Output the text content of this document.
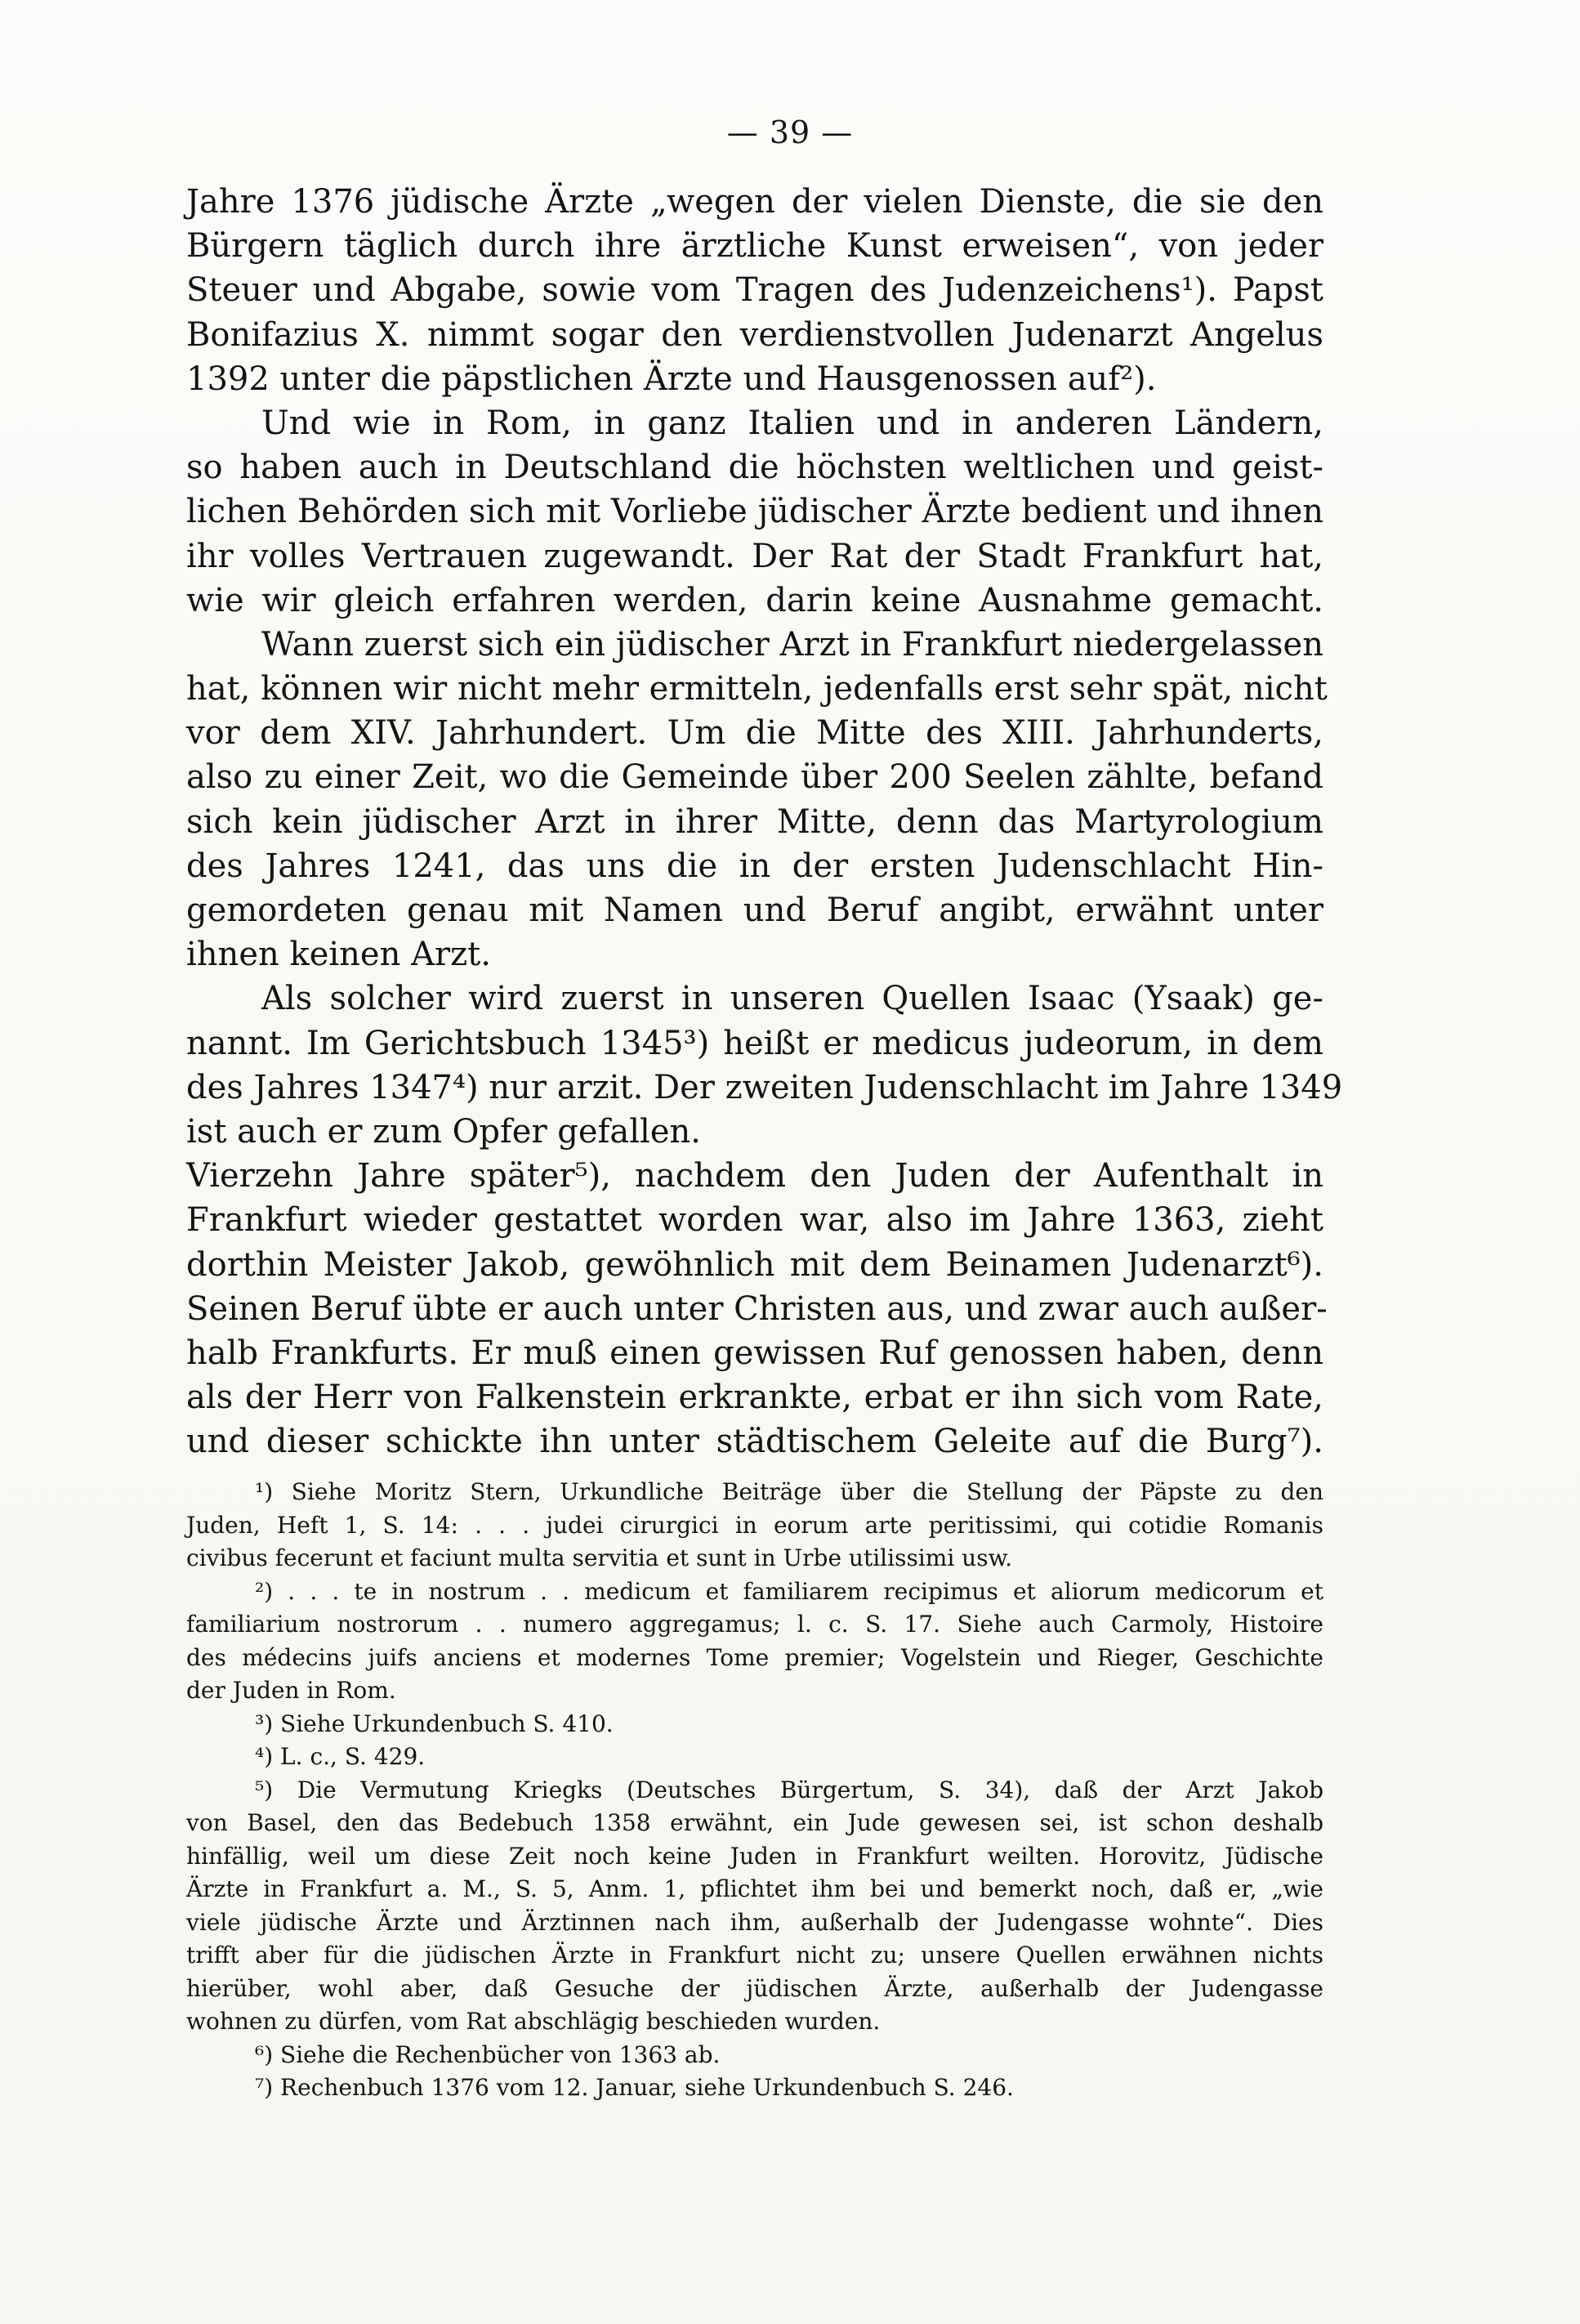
— 39 —
Jahre 1376 jüdische Ärzte „wegen der vielen Dienste, die sie den
Bürgern täglich durch ihre ärztliche Kunst erweisen“, von jeder
Steuer und Abgabe, sowie vom Tragen des Judenzeichens¹). Papst
Bonifazius X. nimmt sogar den verdienstvollen Judenarzt Angelus
1392 unter die päpstlichen Ärzte und Hausgenossen auf²).
Und wie in Rom, in ganz Italien und in anderen Ländern,
so haben auch in Deutschland die höchsten weltlichen und geist-
lichen Behörden sich mit Vorliebe jüdischer Ärzte bedient und ihnen
ihr volles Vertrauen zugewandt. Der Rat der Stadt Frankfurt hat,
wie wir gleich erfahren werden, darin keine Ausnahme gemacht.
Wann zuerst sich ein jüdischer Arzt in Frankfurt niedergelassen
hat, können wir nicht mehr ermitteln, jedenfalls erst sehr spät, nicht
vor dem XIV. Jahrhundert. Um die Mitte des XIII. Jahrhunderts,
also zu einer Zeit, wo die Gemeinde über 200 Seelen zählte, befand
sich kein jüdischer Arzt in ihrer Mitte, denn das Martyrologium
des Jahres 1241, das uns die in der ersten Judenschlacht Hin-
gemordeten genau mit Namen und Beruf angibt, erwähnt unter
ihnen keinen Arzt.
Als solcher wird zuerst in unseren Quellen Isaac (Ysaak) ge-
nannt. Im Gerichtsbuch 1345³) heißt er medicus judeorum, in dem
des Jahres 1347⁴) nur arzit. Der zweiten Judenschlacht im Jahre 1349
ist auch er zum Opfer gefallen.
Vierzehn Jahre später⁵), nachdem den Juden der Aufenthalt in
Frankfurt wieder gestattet worden war, also im Jahre 1363, zieht
dorthin Meister Jakob, gewöhnlich mit dem Beinamen Judenarzt⁶).
Seinen Beruf übte er auch unter Christen aus, und zwar auch außer-
halb Frankfurts. Er muß einen gewissen Ruf genossen haben, denn
als der Herr von Falkenstein erkrankte, erbat er ihn sich vom Rate,
und dieser schickte ihn unter städtischem Geleite auf die Burg⁷).
¹) Siehe Moritz Stern, Urkundliche Beiträge über die Stellung der Päpste zu den
Juden, Heft 1, S. 14: . . . judei cirurgici in eorum arte peritissimi, qui cotidie Romanis
civibus fecerunt et faciunt multa servitia et sunt in Urbe utilissimi usw.
²) . . . te in nostrum . . medicum et familiarem recipimus et aliorum medicorum et
familiarium nostrorum . . numero aggregamus; l. c. S. 17. Siehe auch Carmoly, Histoire
des médecins juifs anciens et modernes Tome premier; Vogelstein und Rieger, Geschichte
der Juden in Rom.
³) Siehe Urkundenbuch S. 410.
⁴) L. c., S. 429.
⁵) Die Vermutung Kriegks (Deutsches Bürgertum, S. 34), daß der Arzt Jakob
von Basel, den das Bedebuch 1358 erwähnt, ein Jude gewesen sei, ist schon deshalb
hinfällig, weil um diese Zeit noch keine Juden in Frankfurt weilten. Horovitz, Jüdische
Ärzte in Frankfurt a. M., S. 5, Anm. 1, pflichtet ihm bei und bemerkt noch, daß er, „wie
viele jüdische Ärzte und Ärztinnen nach ihm, außerhalb der Judengasse wohnte“. Dies
trifft aber für die jüdischen Ärzte in Frankfurt nicht zu; unsere Quellen erwähnen nichts
hierüber, wohl aber, daß Gesuche der jüdischen Ärzte, außerhalb der Judengasse
wohnen zu dürfen, vom Rat abschlägig beschieden wurden.
⁶) Siehe die Rechenbücher von 1363 ab.
⁷) Rechenbuch 1376 vom 12. Januar, siehe Urkundenbuch S. 246.
